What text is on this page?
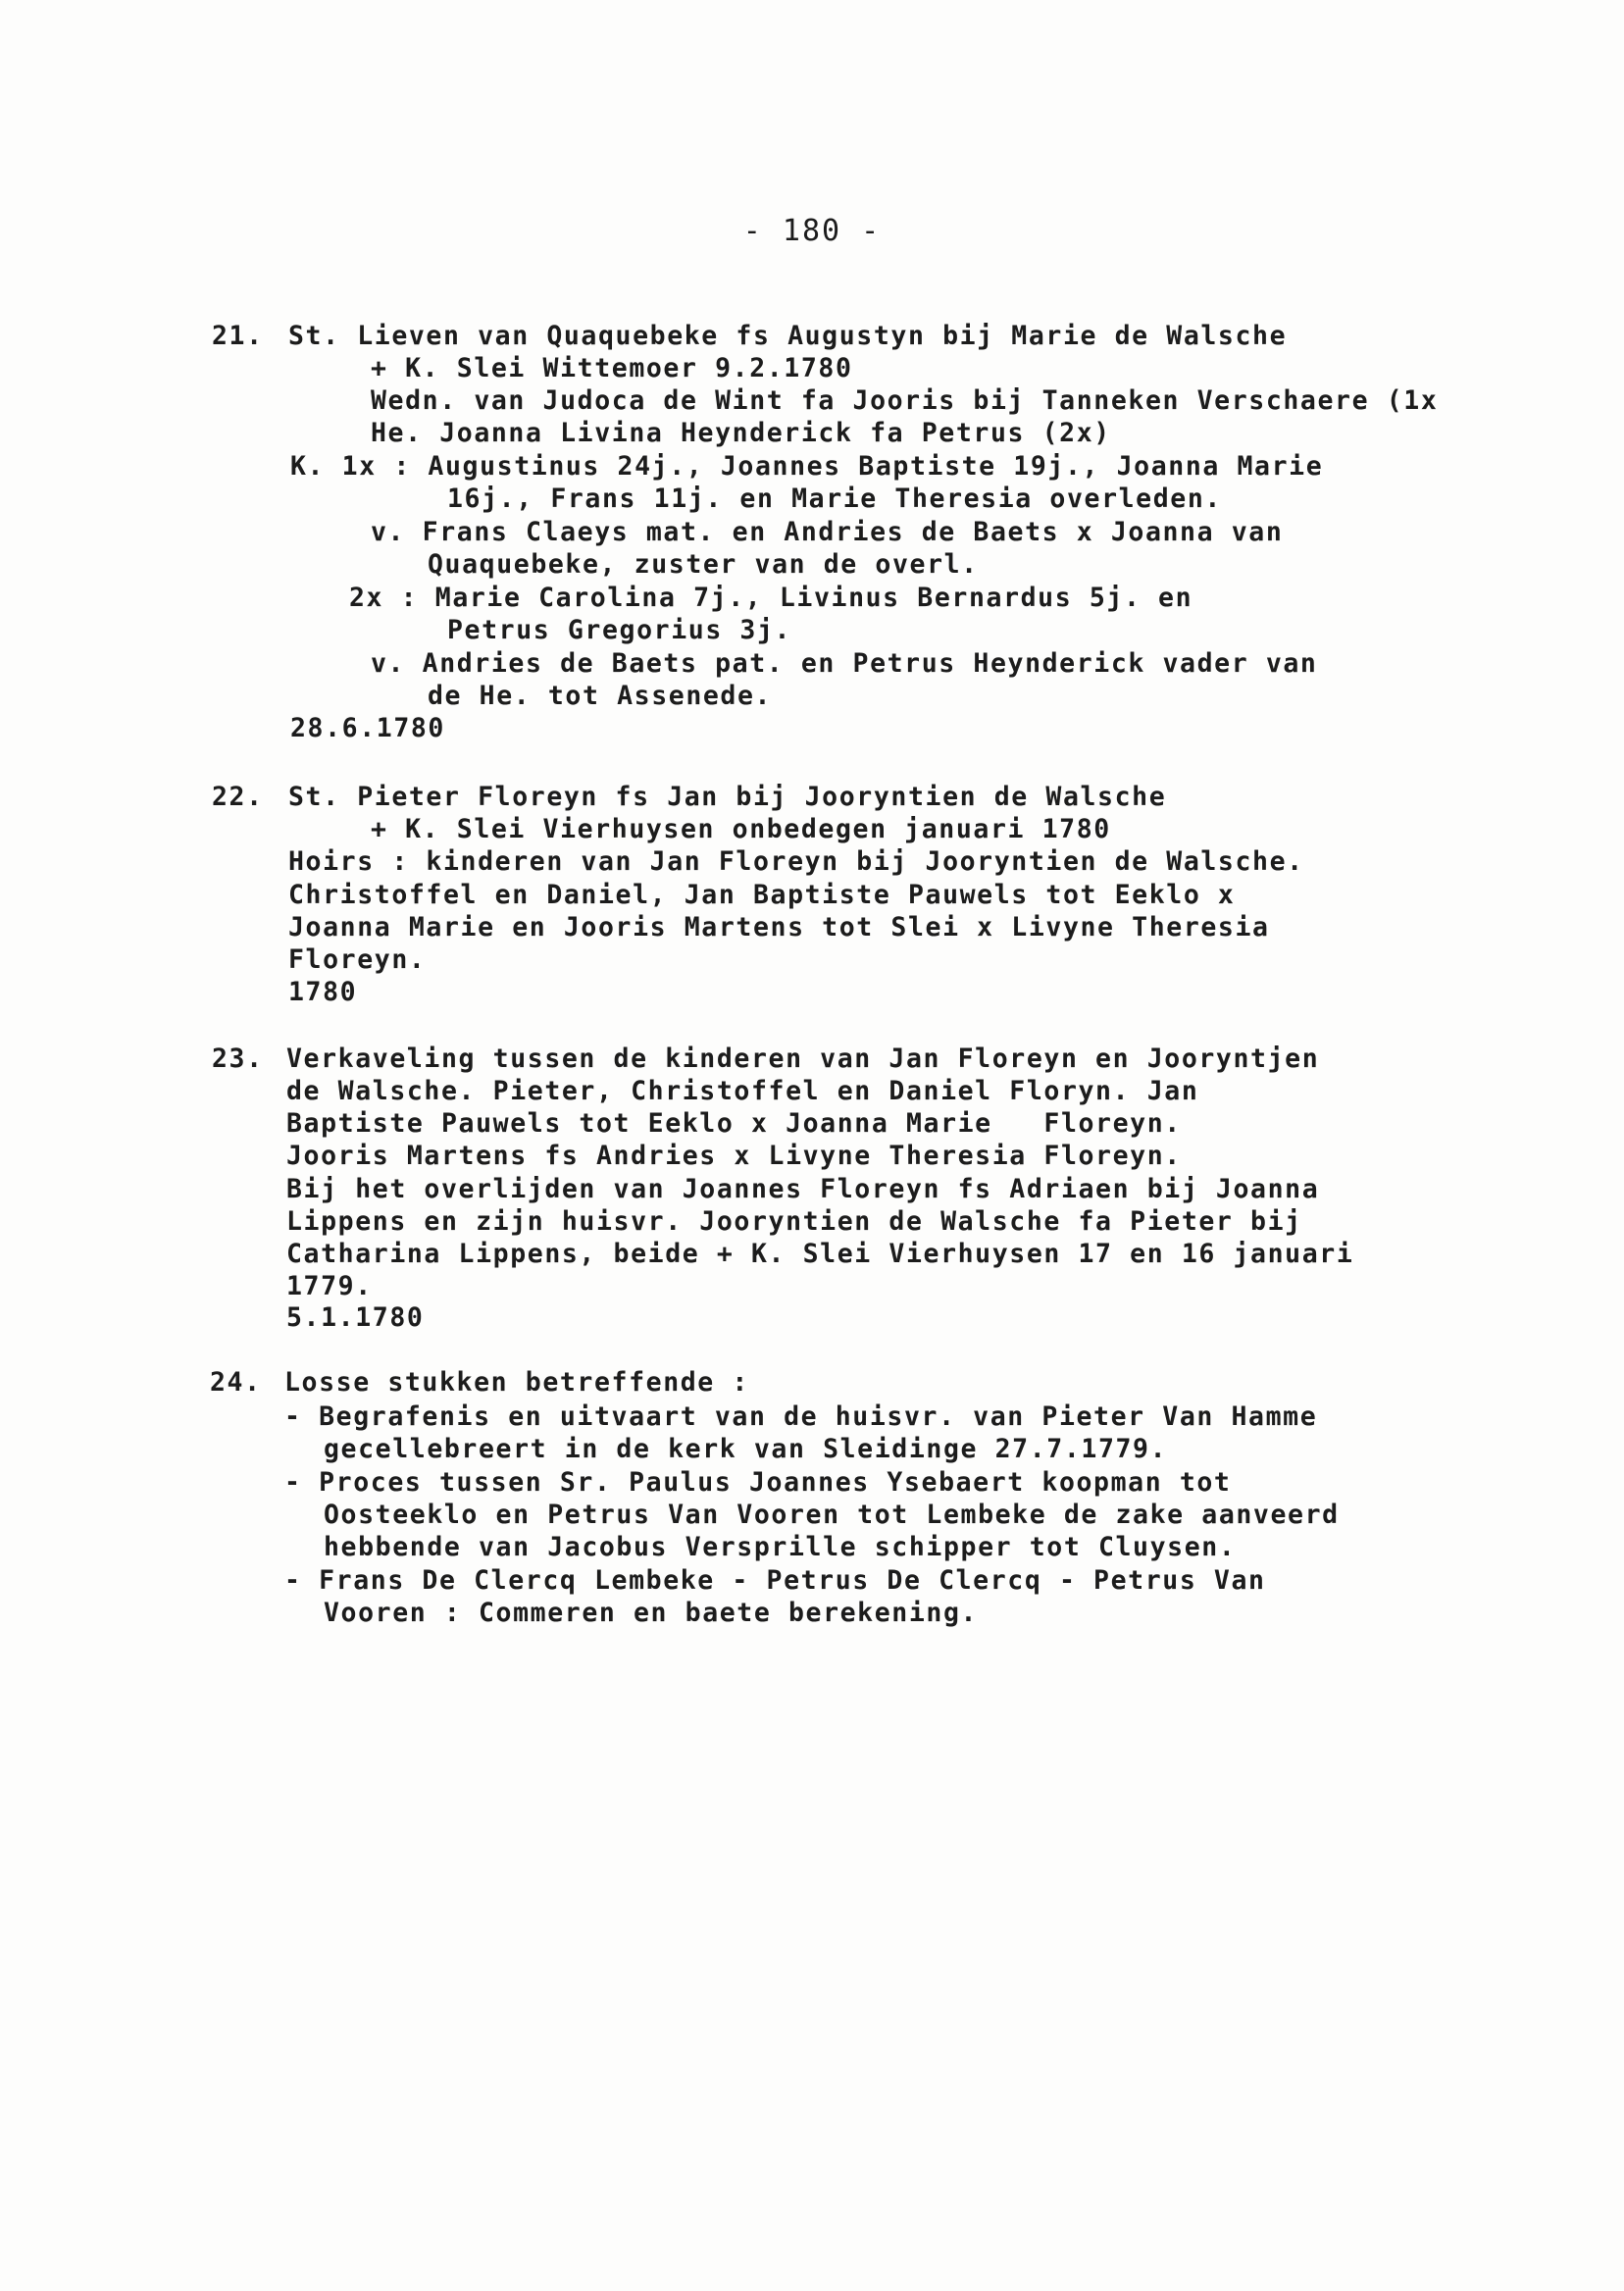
- 180 -
21. St. Lieven van Quaquebeke fs Augustyn bij Marie de Walsche
+ K. Slei Wittemoer 9.2.1780
Wedn. van Judoca de Wint fa Jooris bij Tanneken Verschaere (1x
He. Joanna Livina Heynderick fa Petrus (2x)
K. 1x : Augustinus 24j., Joannes Baptiste 19j., Joanna Marie
16j., Frans 11j. en Marie Theresia overleden.
v. Frans Claeys mat. en Andries de Baets x Joanna van
Quaquebeke, zuster van de overl.
2x : Marie Carolina 7j., Livinus Bernardus 5j. en
Petrus Gregorius 3j.
v. Andries de Baets pat. en Petrus Heynderick vader van
de He. tot Assenede.
28.6.1780
22. St. Pieter Floreyn fs Jan bij Jooryntien de Walsche
+ K. Slei Vierhuysen onbedegen januari 1780
Hoirs : kinderen van Jan Floreyn bij Jooryntien de Walsche.
Christoffel en Daniel, Jan Baptiste Pauwels tot Eeklo x
Joanna Marie en Jooris Martens tot Slei x Livyne Theresia
Floreyn.
1780
23. Verkaveling tussen de kinderen van Jan Floreyn en Jooryntjen
de Walsche. Pieter, Christoffel en Daniel Floryn. Jan
Baptiste Pauwels tot Eeklo x Joanna Marie   Floreyn.
Jooris Martens fs Andries x Livyne Theresia Floreyn.
Bij het overlijden van Joannes Floreyn fs Adriaen bij Joanna
Lippens en zijn huisvr. Jooryntien de Walsche fa Pieter bij
Catharina Lippens, beide + K. Slei Vierhuysen 17 en 16 januari
1779.
5.1.1780
24. Losse stukken betreffende :
- Begrafenis en uitvaart van de huisvr. van Pieter Van Hamme
gecellebreert in de kerk van Sleidinge 27.7.1779.
- Proces tussen Sr. Paulus Joannes Ysebaert koopman tot
Oosteeklo en Petrus Van Vooren tot Lembeke de zake aanveerd
hebbende van Jacobus Versprille schipper tot Cluysen.
- Frans De Clercq Lembeke - Petrus De Clercq - Petrus Van
Vooren : Commeren en baete berekening.
